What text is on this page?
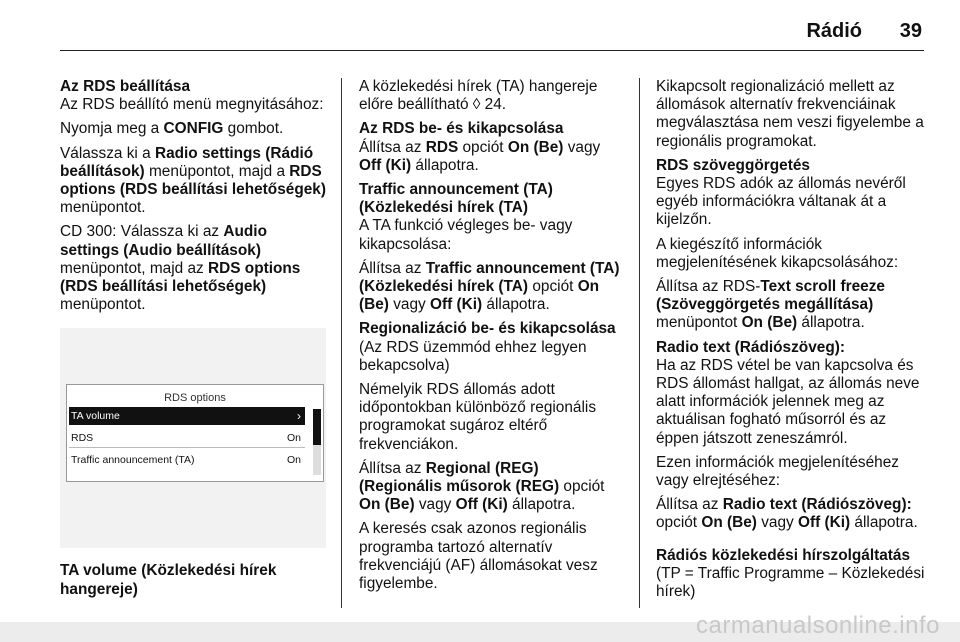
Rádió 39

Az RDS beállítása

Az RDS beállító menü megnyitásához:

Nyomja meg a CONFIG gombot.

Válassza ki a Radio settings (Rádió beállítások) menüpontot, majd a RDS options (RDS beállítási lehetőségek) menüpontot.

CD 300: Válassza ki az Audio settings (Audio beállítások) menüpontot, majd az RDS options (RDS beállítási lehetőségek) menüpontot.

RDS options
TA volume	›
RDS	On
Traffic announcement (TA)	On

TA volume (Közlekedési hírek hangereje)

A közlekedési hírek (TA) hangereje előre beállítható ◊ 24.

Az RDS be- és kikapcsolása

Állítsa az RDS opciót On (Be) vagy Off (Ki) állapotra.

Traffic announcement (TA) (Közlekedési hírek (TA)

A TA funkció végleges be- vagy kikapcsolása:

Állítsa az Traffic announcement (TA) (Közlekedési hírek (TA) opciót On (Be) vagy Off (Ki) állapotra.

Regionalizáció be- és kikapcsolása

(Az RDS üzemmód ehhez legyen bekapcsolva)

Némelyik RDS állomás adott időpontokban különböző regionális programokat sugároz eltérő frekvenciákon.

Állítsa az Regional (REG) (Regionális műsorok (REG) opciót On (Be) vagy Off (Ki) állapotra.

A keresés csak azonos regionális programba tartozó alternatív frekvenciájú (AF) állomásokat vesz figyelembe.

Kikapcsolt regionalizáció mellett az állomások alternatív frekvenciáinak megválasztása nem veszi figyelembe a regionális programokat.

RDS szöveggörgetés

Egyes RDS adók az állomás nevéről egyéb információkra váltanak át a kijelzőn.

A kiegészítő információk megjelenítésének kikapcsolásához:

Állítsa az RDS-Text scroll freeze (Szöveggörgetés megállítása) menüpontot On (Be) állapotra.

Radio text (Rádiószöveg):

Ha az RDS vétel be van kapcsolva és RDS állomást hallgat, az állomás neve alatt információk jelennek meg az aktuálisan fogható műsorról és az éppen játszott zeneszámról.

Ezen információk megjelenítéséhez vagy elrejtéséhez:

Állítsa az Radio text (Rádiószöveg): opciót On (Be) vagy Off (Ki) állapotra.

Rádiós közlekedési hírszolgáltatás

(TP = Traffic Programme – Közlekedési hírek)

carmanualsonline.info
